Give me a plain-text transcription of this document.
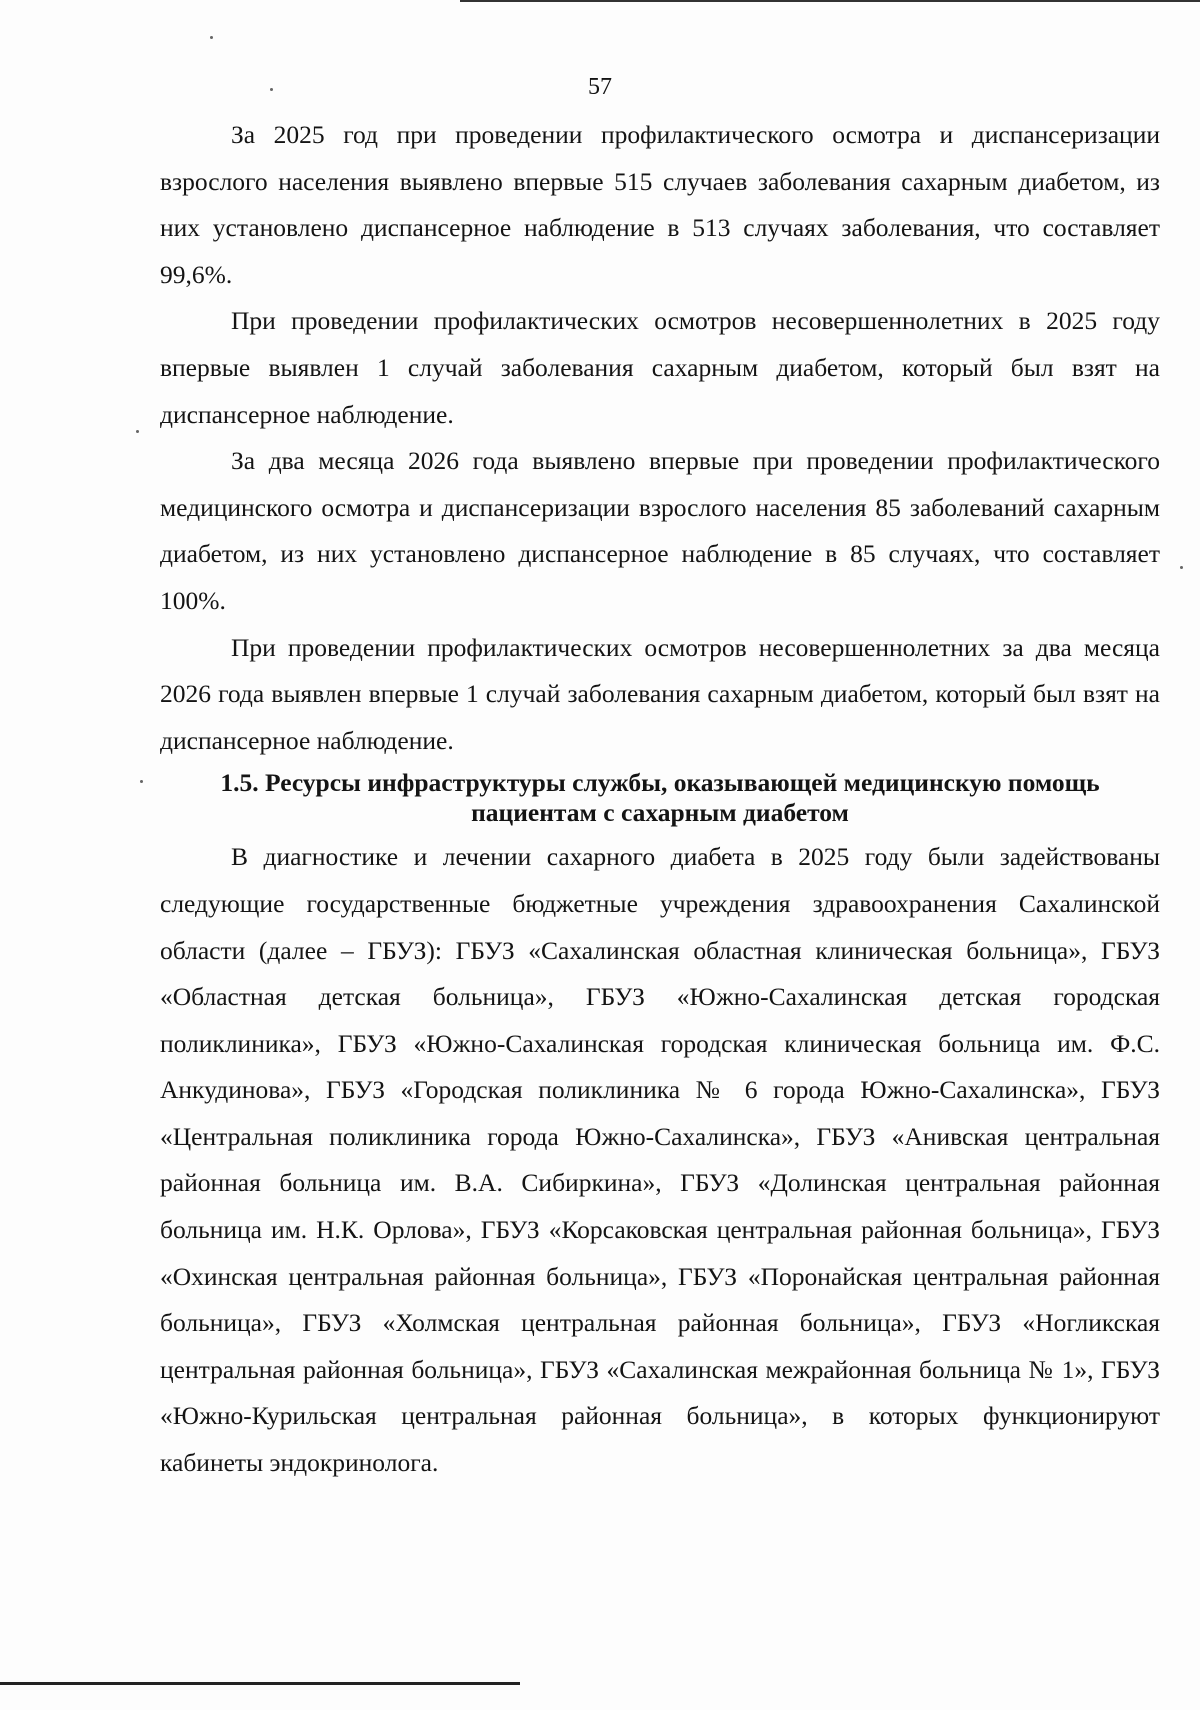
57

За 2025 год при проведении профилактического осмотра и диспансеризации взрослого населения выявлено впервые 515 случаев заболевания сахарным диабетом, из них установлено диспансерное наблюдение в 513 случаях заболевания, что составляет 99,6%.

При проведении профилактических осмотров несовершеннолетних в 2025 году впервые выявлен 1 случай заболевания сахарным диабетом, который был взят на диспансерное наблюдение.

За два месяца 2026 года выявлено впервые при проведении профилактического медицинского осмотра и диспансеризации взрослого населения 85 заболеваний сахарным диабетом, из них установлено диспансерное наблюдение в 85 случаях, что составляет 100%.

При проведении профилактических осмотров несовершеннолетних за два месяца 2026 года выявлен впервые 1 случай заболевания сахарным диабетом, который был взят на диспансерное наблюдение.

1.5. Ресурсы инфраструктуры службы, оказывающей медицинскую помощь пациентам с сахарным диабетом

В диагностике и лечении сахарного диабета в 2025 году были задействованы следующие государственные бюджетные учреждения здравоохранения Сахалинской области (далее – ГБУЗ): ГБУЗ «Сахалинская областная клиническая больница», ГБУЗ «Областная детская больница», ГБУЗ «Южно-Сахалинская детская городская поликлиника», ГБУЗ «Южно-Сахалинская городская клиническая больница им. Ф.С. Анкудинова», ГБУЗ «Городская поликлиника № 6 города Южно-Сахалинска», ГБУЗ «Центральная поликлиника города Южно-Сахалинска», ГБУЗ «Анивская центральная районная больница им. В.А. Сибиркина», ГБУЗ «Долинская центральная районная больница им. Н.К. Орлова», ГБУЗ «Корсаковская центральная районная больница», ГБУЗ «Охинская центральная районная больница», ГБУЗ «Поронайская центральная районная больница», ГБУЗ «Холмская центральная районная больница», ГБУЗ «Ногликская центральная районная больница», ГБУЗ «Сахалинская межрайонная больница № 1», ГБУЗ «Южно-Курильская центральная районная больница», в которых функционируют кабинеты эндокринолога.
